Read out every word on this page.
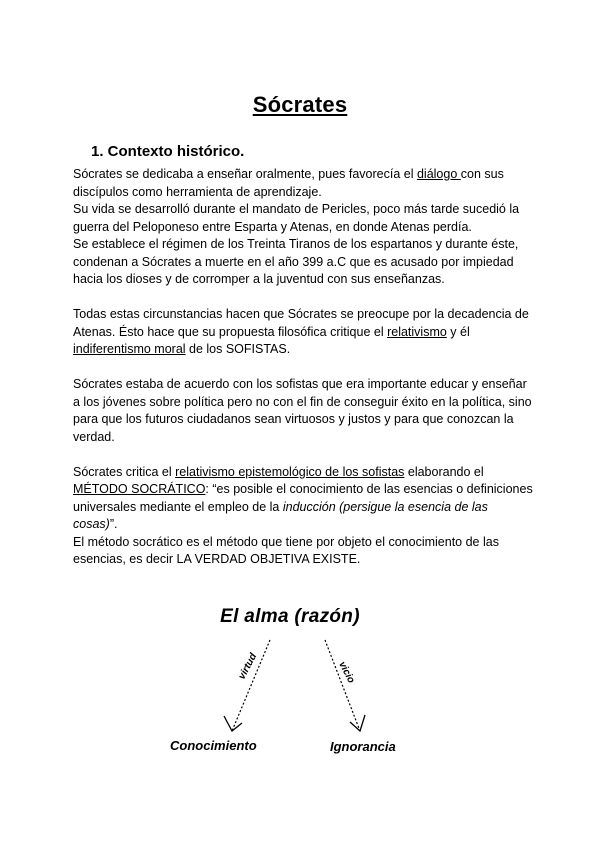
Sócrates
1. Contexto histórico.

Sócrates se dedicaba a enseñar oralmente, pues favorecía el diálogo con sus discípulos como herramienta de aprendizaje.

Su vida se desarrolló durante el mandato de Pericles, poco más tarde sucedió la guerra del Peloponeso entre Esparta y Atenas, en donde Atenas perdía.

Se establece el régimen de los Treinta Tiranos de los espartanos y durante éste, condenan a Sócrates a muerte en el año 399 a.C que es acusado por impiedad hacia los dioses y de corromper a la juventud con sus enseñanzas.

Todas estas circunstancias hacen que Sócrates se preocupe por la decadencia de Atenas. Ésto hace que su propuesta filosófica critique el relativismo y él indiferentismo moral de los SOFISTAS.

Sócrates estaba de acuerdo con los sofistas que era importante educar y enseñar a los jóvenes sobre política pero no con el fin de conseguir éxito en la política, sino para que los futuros ciudadanos sean virtuosos y justos y para que conozcan la verdad.

Sócrates critica el relativismo epistemológico de los sofistas elaborando el MÉTODO SOCRÁTICO: “es posible el conocimiento de las esencias o definiciones universales mediante el empleo de la inducción (persigue la esencia de las cosas)”.

El método socrático es el método que tiene por objeto el conocimiento de las esencias, es decir LA VERDAD OBJETIVA EXISTE.

El alma (razón)
virtud	vicio
Conocimiento	Ignorancia
